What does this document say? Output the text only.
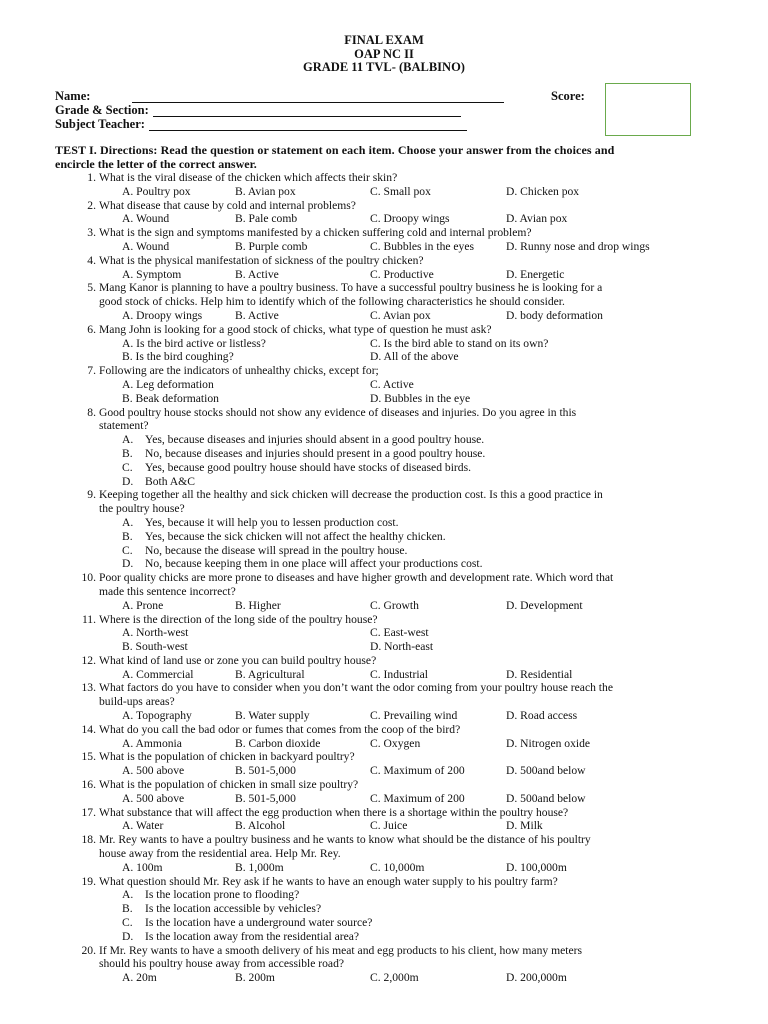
FINAL EXAM
OAP NC II
GRADE 11 TVL- (BALBINO)
Name:
Grade & Section:
Subject Teacher:
Score:
TEST I. Directions: Read the question or statement on each item. Choose your answer from the choices and
encircle the letter of the correct answer.
1. What is the viral disease of the chicken which affects their skin?
A. Poultry pox	B. Avian pox	C. Small pox	D. Chicken pox
2. What disease that cause by cold and internal problems?
A. Wound	B. Pale comb	C. Droopy wings	D. Avian pox
3. What is the sign and symptoms manifested by a chicken suffering cold and internal problem?
A. Wound	B. Purple comb	C. Bubbles in the eyes	D. Runny nose and drop wings
4. What is the physical manifestation of sickness of the poultry chicken?
A. Symptom	B. Active	C. Productive	D. Energetic
5. Mang Kanor is planning to have a poultry business. To have a successful poultry business he is looking for a
good stock of chicks. Help him to identify which of the following characteristics he should consider.
A. Droopy wings	B. Active	C. Avian pox	D. body deformation
6. Mang John is looking for a good stock of chicks, what type of question he must ask?
A. Is the bird active or listless?	C. Is the bird able to stand on its own?
B. Is the bird coughing?	D. All of the above
7. Following are the indicators of unhealthy chicks, except for;
A. Leg deformation	C. Active
B. Beak deformation	D. Bubbles in the eye
8. Good poultry house stocks should not show any evidence of diseases and injuries. Do you agree in this
statement?
A. Yes, because diseases and injuries should absent in a good poultry house.
B. No, because diseases and injuries should present in a good poultry house.
C. Yes, because good poultry house should have stocks of diseased birds.
D. Both A&C
9. Keeping together all the healthy and sick chicken will decrease the production cost. Is this a good practice in
the poultry house?
A. Yes, because it will help you to lessen production cost.
B. Yes, because the sick chicken will not affect the healthy chicken.
C. No, because the disease will spread in the poultry house.
D. No, because keeping them in one place will affect your productions cost.
10. Poor quality chicks are more prone to diseases and have higher growth and development rate. Which word that
made this sentence incorrect?
A. Prone	B. Higher	C. Growth	D. Development
11. Where is the direction of the long side of the poultry house?
A. North-west	C. East-west
B. South-west	D. North-east
12. What kind of land use or zone you can build poultry house?
A. Commercial	B. Agricultural	C. Industrial	D. Residential
13. What factors do you have to consider when you don’t want the odor coming from your poultry house reach the
build-ups areas?
A. Topography	B. Water supply	C. Prevailing wind	D. Road access
14. What do you call the bad odor or fumes that comes from the coop of the bird?
A. Ammonia	B. Carbon dioxide	C. Oxygen	D. Nitrogen oxide
15. What is the population of chicken in backyard poultry?
A. 500 above	B. 501-5,000	C. Maximum of 200	D. 500and below
16. What is the population of chicken in small size poultry?
A. 500 above	B. 501-5,000	C. Maximum of 200	D. 500and below
17. What substance that will affect the egg production when there is a shortage within the poultry house?
A. Water	B. Alcohol	C. Juice	D. Milk
18. Mr. Rey wants to have a poultry business and he wants to know what should be the distance of his poultry
house away from the residential area. Help Mr. Rey.
A. 100m	B. 1,000m	C. 10,000m	D. 100,000m
19. What question should Mr. Rey ask if he wants to have an enough water supply to his poultry farm?
A. Is the location prone to flooding?
B. Is the location accessible by vehicles?
C. Is the location have a underground water source?
D. Is the location away from the residential area?
20. If Mr. Rey wants to have a smooth delivery of his meat and egg products to his client, how many meters
should his poultry house away from accessible road?
A. 20m	B. 200m	C. 2,000m	D. 200,000m
